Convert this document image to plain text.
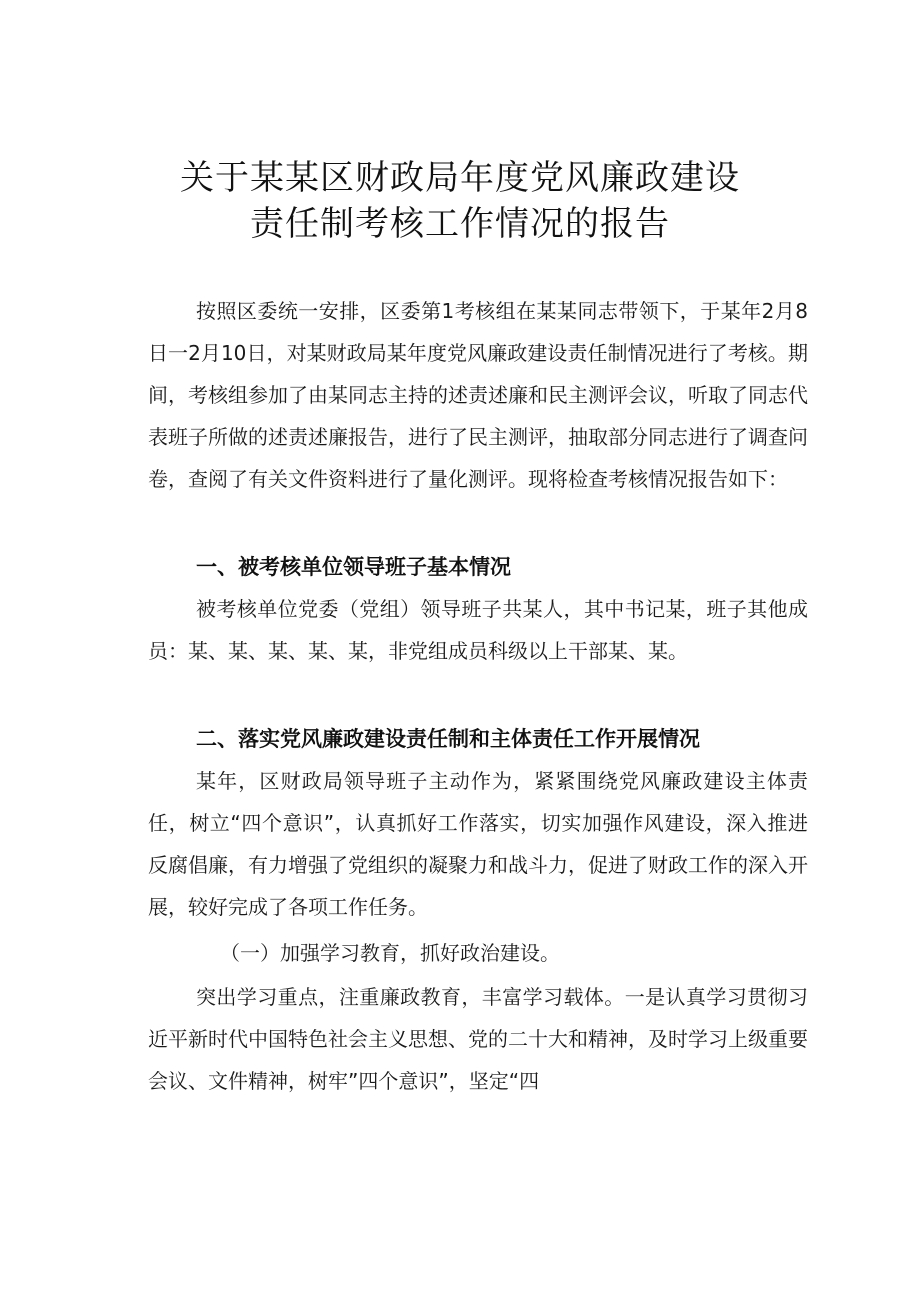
关于某某区财政局年度党风廉政建设
责任制考核工作情况的报告
按照区委统一安排，区委第1考核组在某某同志带领下，于某年2月8日一2月10日，对某财政局某年度党风廉政建设责任制情况进行了考核。期间，考核组参加了由某同志主持的述责述廉和民主测评会议，听取了同志代表班子所做的述责述廉报告，进行了民主测评，抽取部分同志进行了调查问卷，查阅了有关文件资料进行了量化测评。现将检查考核情况报告如下：
一、被考核单位领导班子基本情况
被考核单位党委（党组）领导班子共某人，其中书记某，班子其他成员：某、某、某、某、某，非党组成员科级以上干部某、某。
二、落实党风廉政建设责任制和主体责任工作开展情况
某年，区财政局领导班子主动作为，紧紧围绕党风廉政建设主体责任，树立“四个意识”，认真抓好工作落实，切实加强作风建设，深入推进反腐倡廉，有力增强了党组织的凝聚力和战斗力，促进了财政工作的深入开展，较好完成了各项工作任务。
（一）加强学习教育，抓好政治建设。
突出学习重点，注重廉政教育，丰富学习载体。一是认真学习贯彻习近平新时代中国特色社会主义思想、党的二十大和精神，及时学习上级重要会议、文件精神，树牢”四个意识”，坚定“四
